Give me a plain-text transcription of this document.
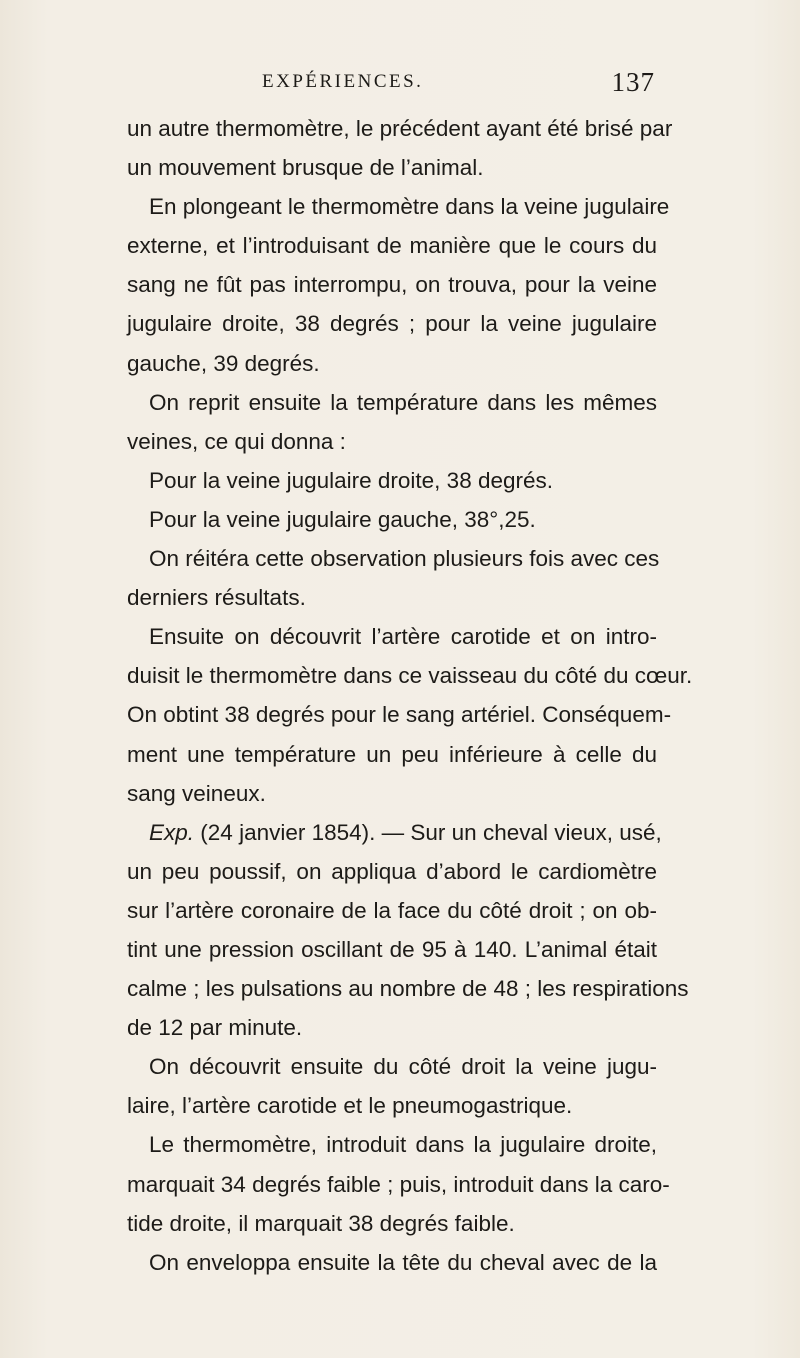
EXPÉRIENCES.	137
un autre thermomètre, le précédent ayant été brisé par
un mouvement brusque de l’animal.
En plongeant le thermomètre dans la veine jugulaire
externe, et l’introduisant de manière que le cours du
sang ne fût pas interrompu, on trouva, pour la veine
jugulaire droite, 38 degrés ; pour la veine jugulaire
gauche, 39 degrés.
On reprit ensuite la température dans les mêmes
veines, ce qui donna :
Pour la veine jugulaire droite, 38 degrés.
Pour la veine jugulaire gauche, 38°,25.
On réitéra cette observation plusieurs fois avec ces
derniers résultats.
Ensuite on découvrit l’artère carotide et on intro-
duisit le thermomètre dans ce vaisseau du côté du cœur.
On obtint 38 degrés pour le sang artériel. Conséquem-
ment une température un peu inférieure à celle du
sang veineux.
Exp. (24 janvier 1854). — Sur un cheval vieux, usé,
un peu poussif, on appliqua d’abord le cardiomètre
sur l’artère coronaire de la face du côté droit ; on ob-
tint une pression oscillant de 95 à 140. L’animal était
calme ; les pulsations au nombre de 48 ; les respirations
de 12 par minute.
On découvrit ensuite du côté droit la veine jugu-
laire, l’artère carotide et le pneumogastrique.
Le thermomètre, introduit dans la jugulaire droite,
marquait 34 degrés faible ; puis, introduit dans la caro-
tide droite, il marquait 38 degrés faible.
On enveloppa ensuite la tête du cheval avec de la
